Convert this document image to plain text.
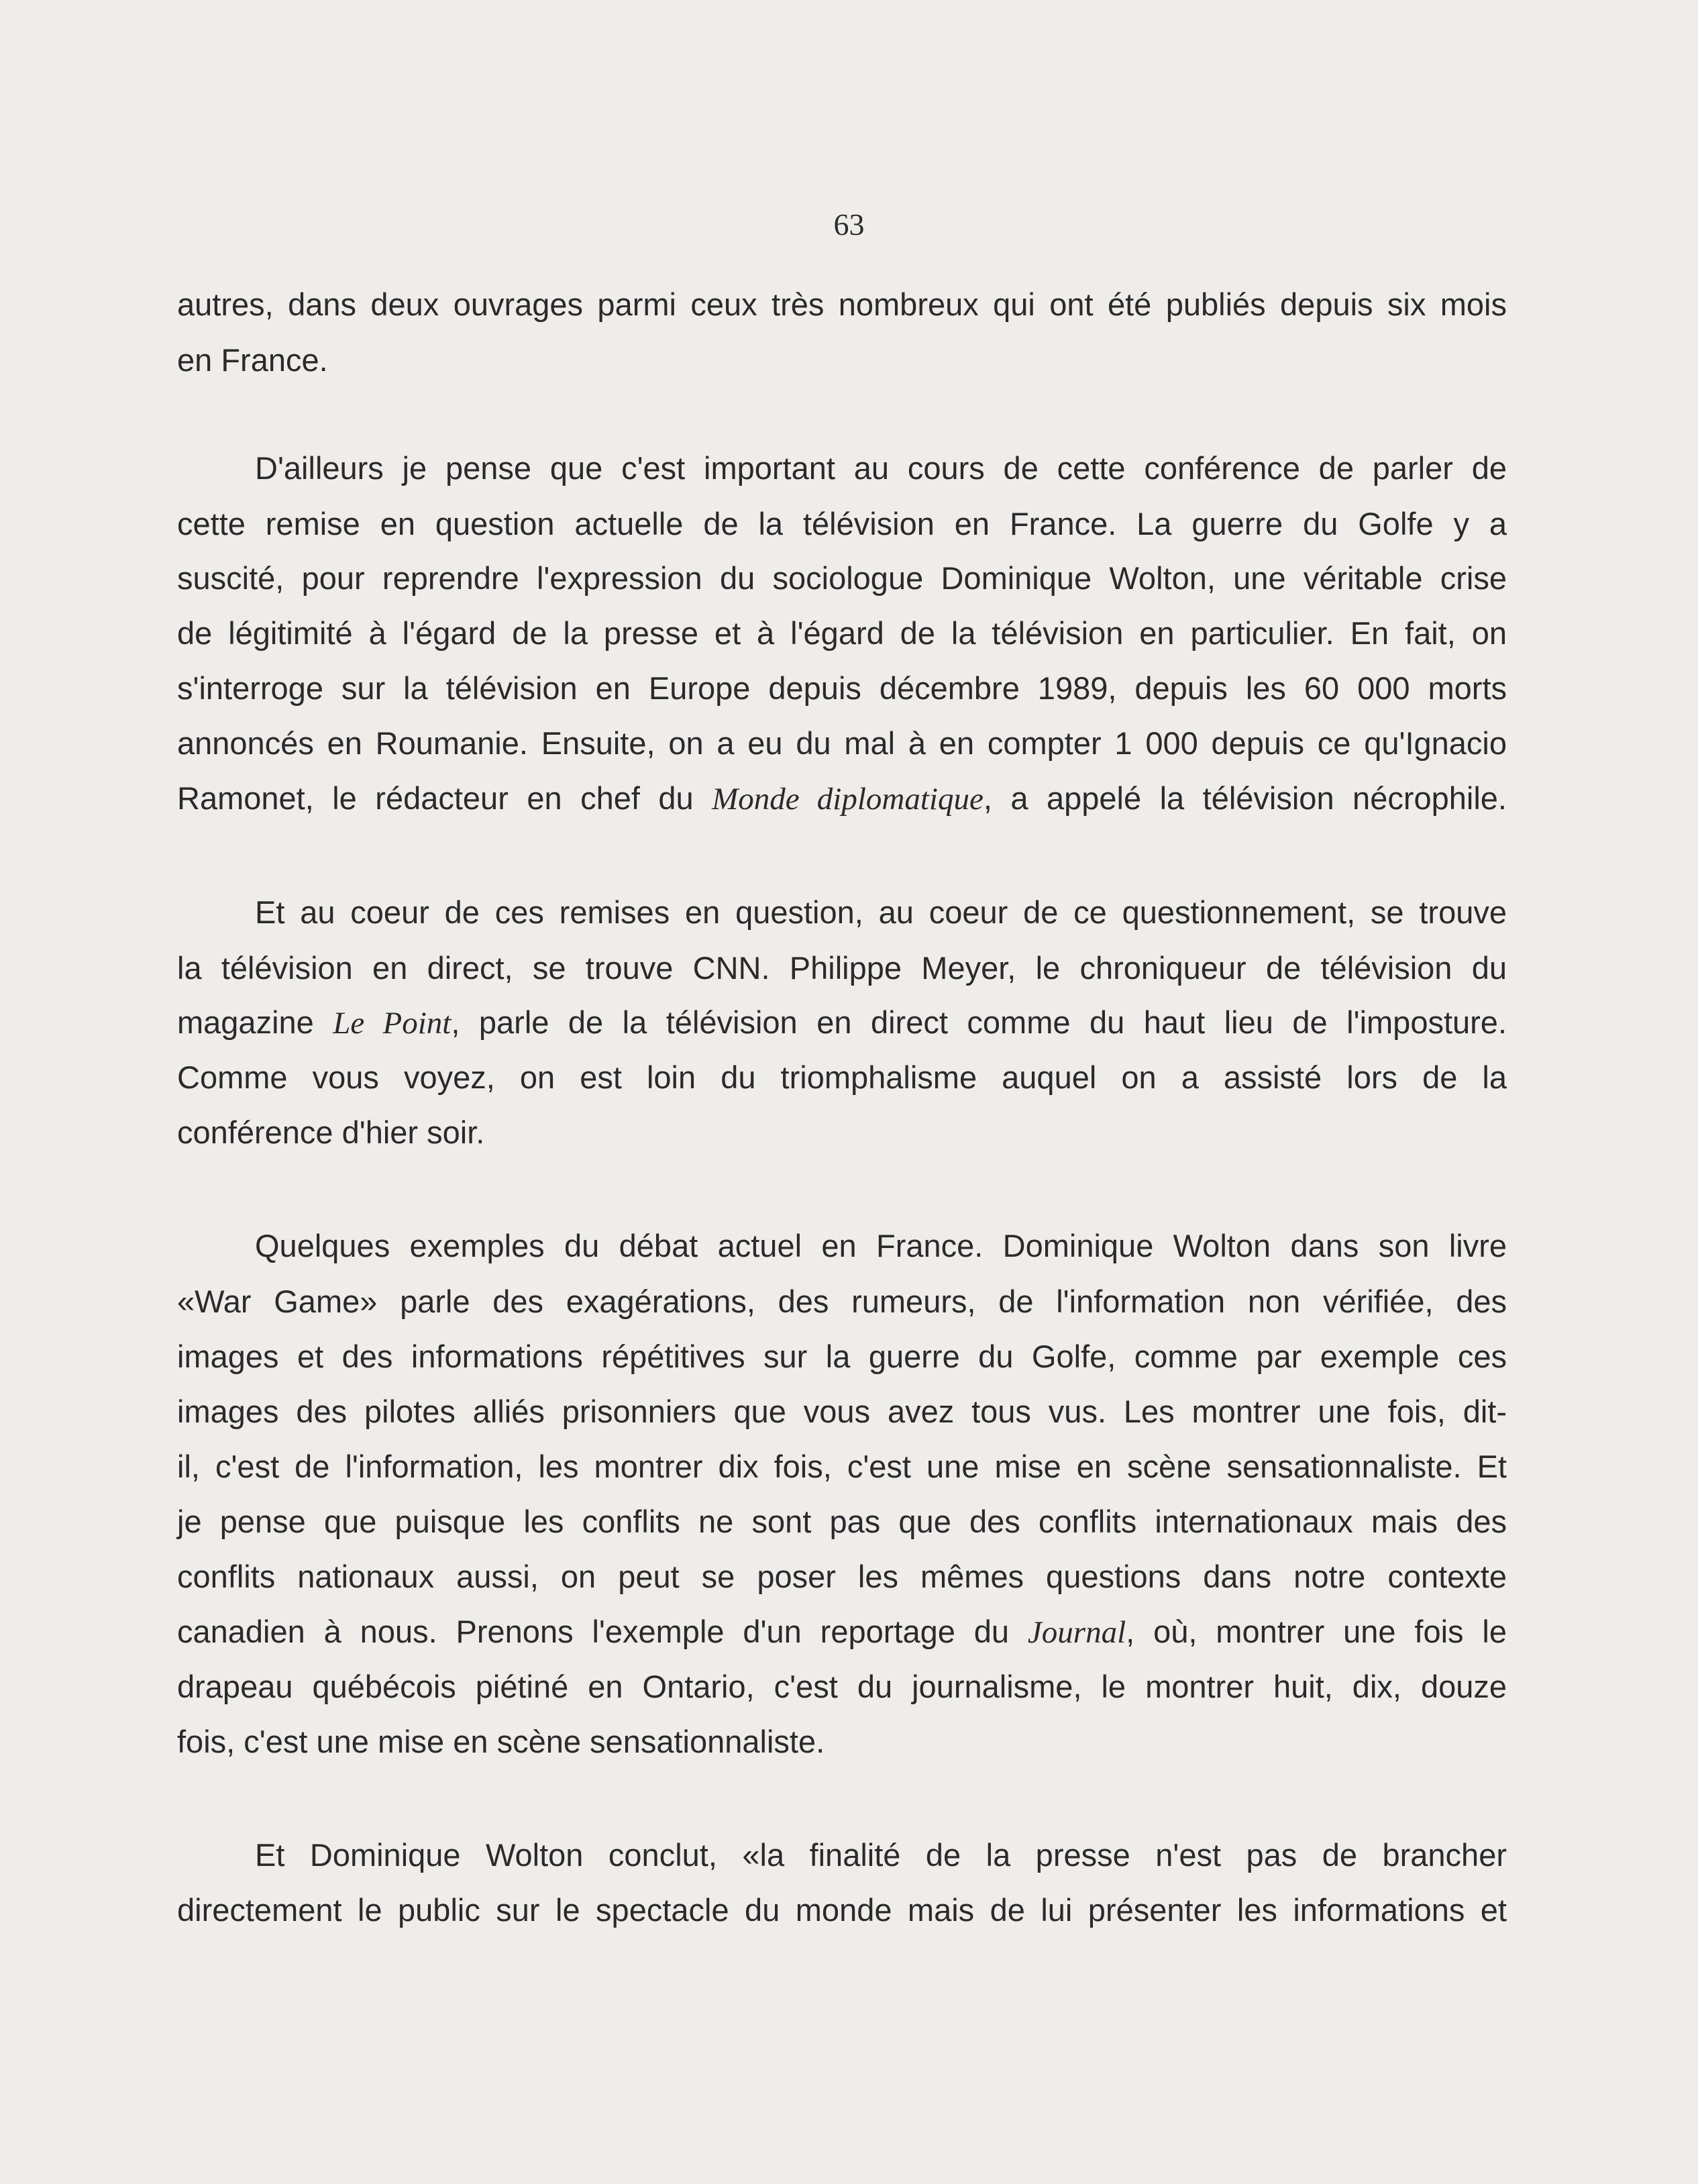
63
autres, dans deux ouvrages parmi ceux très nombreux qui ont été publiés depuis six mois
en France.
D'ailleurs je pense que c'est important au cours de cette conférence de parler de
cette remise en question actuelle de la télévision en France. La guerre du Golfe y a
suscité, pour reprendre l'expression du sociologue Dominique Wolton, une véritable crise
de légitimité à l'égard de la presse et à l'égard de la télévision en particulier. En fait, on
s'interroge sur la télévision en Europe depuis décembre 1989, depuis les 60 000 morts
annoncés en Roumanie. Ensuite, on a eu du mal à en compter 1 000 depuis ce qu'Ignacio
Ramonet, le rédacteur en chef du Monde diplomatique, a appelé la télévision nécrophile.
Et au coeur de ces remises en question, au coeur de ce questionnement, se trouve
la télévision en direct, se trouve CNN. Philippe Meyer, le chroniqueur de télévision du
magazine Le Point, parle de la télévision en direct comme du haut lieu de l'imposture.
Comme vous voyez, on est loin du triomphalisme auquel on a assisté lors de la
conférence d'hier soir.
Quelques exemples du débat actuel en France. Dominique Wolton dans son livre
«War Game» parle des exagérations, des rumeurs, de l'information non vérifiée, des
images et des informations répétitives sur la guerre du Golfe, comme par exemple ces
images des pilotes alliés prisonniers que vous avez tous vus. Les montrer une fois, dit-
il, c'est de l'information, les montrer dix fois, c'est une mise en scène sensationnaliste. Et
je pense que puisque les conflits ne sont pas que des conflits internationaux mais des
conflits nationaux aussi, on peut se poser les mêmes questions dans notre contexte
canadien à nous. Prenons l'exemple d'un reportage du Journal, où, montrer une fois le
drapeau québécois piétiné en Ontario, c'est du journalisme, le montrer huit, dix, douze
fois, c'est une mise en scène sensationnaliste.
Et Dominique Wolton conclut, «la finalité de la presse n'est pas de brancher
directement le public sur le spectacle du monde mais de lui présenter les informations et
